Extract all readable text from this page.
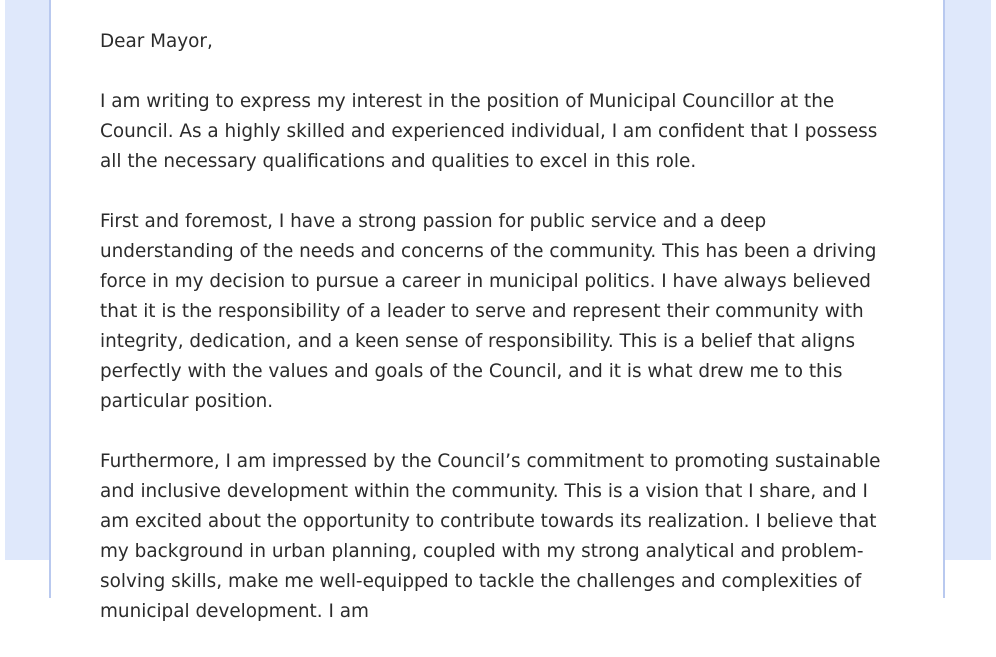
Dear Mayor,

I am writing to express my interest in the position of Municipal Councillor at the Council. As a highly skilled and experienced individual, I am confident that I possess all the necessary qualifications and qualities to excel in this role.

First and foremost, I have a strong passion for public service and a deep understanding of the needs and concerns of the community. This has been a driving force in my decision to pursue a career in municipal politics. I have always believed that it is the responsibility of a leader to serve and represent their community with integrity, dedication, and a keen sense of responsibility. This is a belief that aligns perfectly with the values and goals of the Council, and it is what drew me to this particular position.

Furthermore, I am impressed by the Council’s commitment to promoting sustainable and inclusive development within the community. This is a vision that I share, and I am excited about the opportunity to contribute towards its realization. I believe that my background in urban planning, coupled with my strong analytical and problem-solving skills, make me well-equipped to tackle the challenges and complexities of municipal development. I am
